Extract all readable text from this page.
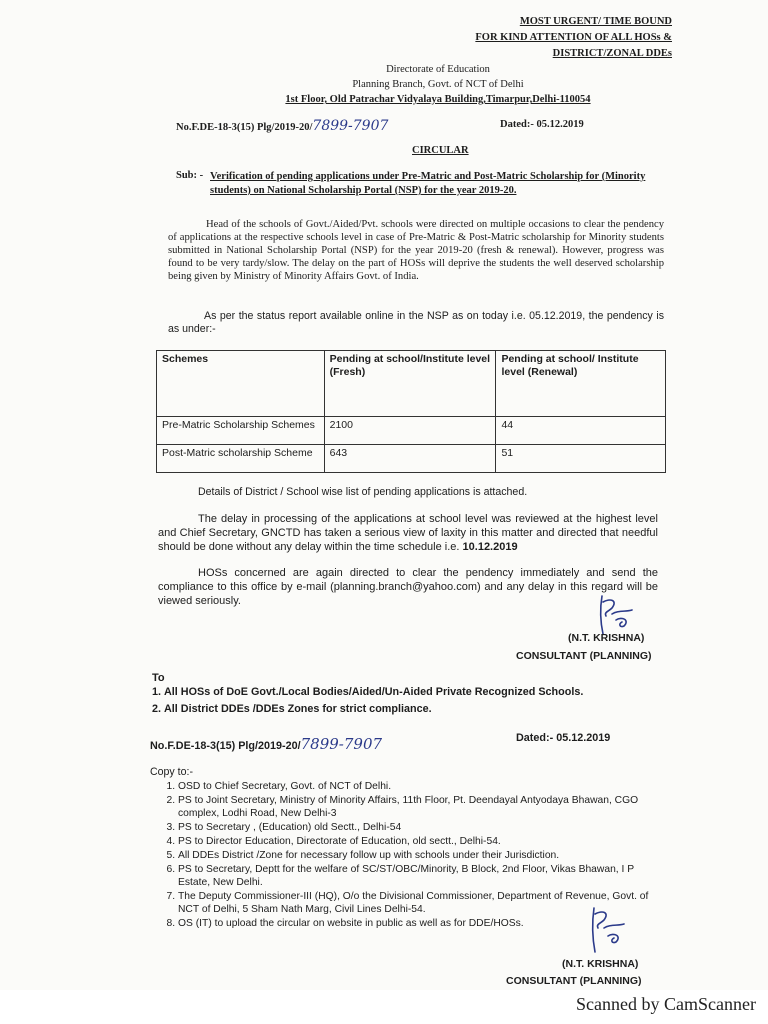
MOST URGENT/ TIME BOUND
FOR KIND ATTENTION OF ALL HOSs &
DISTRICT/ZONAL DDEs
Directorate of Education
Planning Branch, Govt. of NCT of Delhi
1st Floor, Old Patrachar Vidyalaya Building,Timarpur,Delhi-110054
No.F.DE-18-3(15) Plg/2019-20/7899-7907	Dated:- 05.12.2019
CIRCULAR
Sub: - Verification of pending applications under Pre-Matric and Post-Matric Scholarship for (Minority students) on National Scholarship Portal (NSP) for the year 2019-20.
Head of the schools of Govt./Aided/Pvt. schools were directed on multiple occasions to clear the pendency of applications at the respective schools level in case of Pre-Matric & Post-Matric scholarship for Minority students submitted in National Scholarship Portal (NSP) for the year 2019-20 (fresh & renewal). However, progress was found to be very tardy/slow. The delay on the part of HOSs will deprive the students the well deserved scholarship being given by Ministry of Minority Affairs Govt. of India.
As per the status report available online in the NSP as on today i.e. 05.12.2019, the pendency is as under:-
Schemes	Pending at school/Institute level (Fresh)	Pending at school/ Institute level (Renewal)
Pre-Matric Scholarship Schemes	2100	44
Post-Matric scholarship Scheme	643	51
Details of District / School wise list of pending applications is attached.
The delay in processing of the applications at school level was reviewed at the highest level and Chief Secretary, GNCTD has taken a serious view of laxity in this matter and directed that needful should be done without any delay within the time schedule i.e. 10.12.2019
HOSs concerned are again directed to clear the pendency immediately and send the compliance to this office by e-mail (planning.branch@yahoo.com) and any delay in this regard will be viewed seriously.
(N.T. KRISHNA)
CONSULTANT (PLANNING)
To
1. All HOSs of DoE Govt./Local Bodies/Aided/Un-Aided Private Recognized Schools.
2. All District DDEs /DDEs Zones for strict compliance.
No.F.DE-18-3(15) Plg/2019-20/7899-7907	Dated:- 05.12.2019
Copy to:-
1. OSD to Chief Secretary, Govt. of NCT of Delhi.
2. PS to Joint Secretary, Ministry of Minority Affairs, 11th Floor, Pt. Deendayal Antyodaya Bhawan, CGO complex, Lodhi Road, New Delhi-3
3. PS to Secretary , (Education) old Sectt., Delhi-54
4. PS to Director Education, Directorate of Education, old sectt., Delhi-54.
5. All DDEs District /Zone for necessary follow up with schools under their Jurisdiction.
6. PS to Secretary, Deptt for the welfare of SC/ST/OBC/Minority, B Block, 2nd Floor, Vikas Bhawan, I P Estate, New Delhi.
7. The Deputy Commissioner-III (HQ), O/o the Divisional Commissioner, Department of Revenue, Govt. of NCT of Delhi, 5 Sham Nath Marg, Civil Lines Delhi-54.
8. OS (IT) to upload the circular on website in public as well as for DDE/HOSs.
(N.T. KRISHNA)
CONSULTANT (PLANNING)
Scanned by CamScanner
